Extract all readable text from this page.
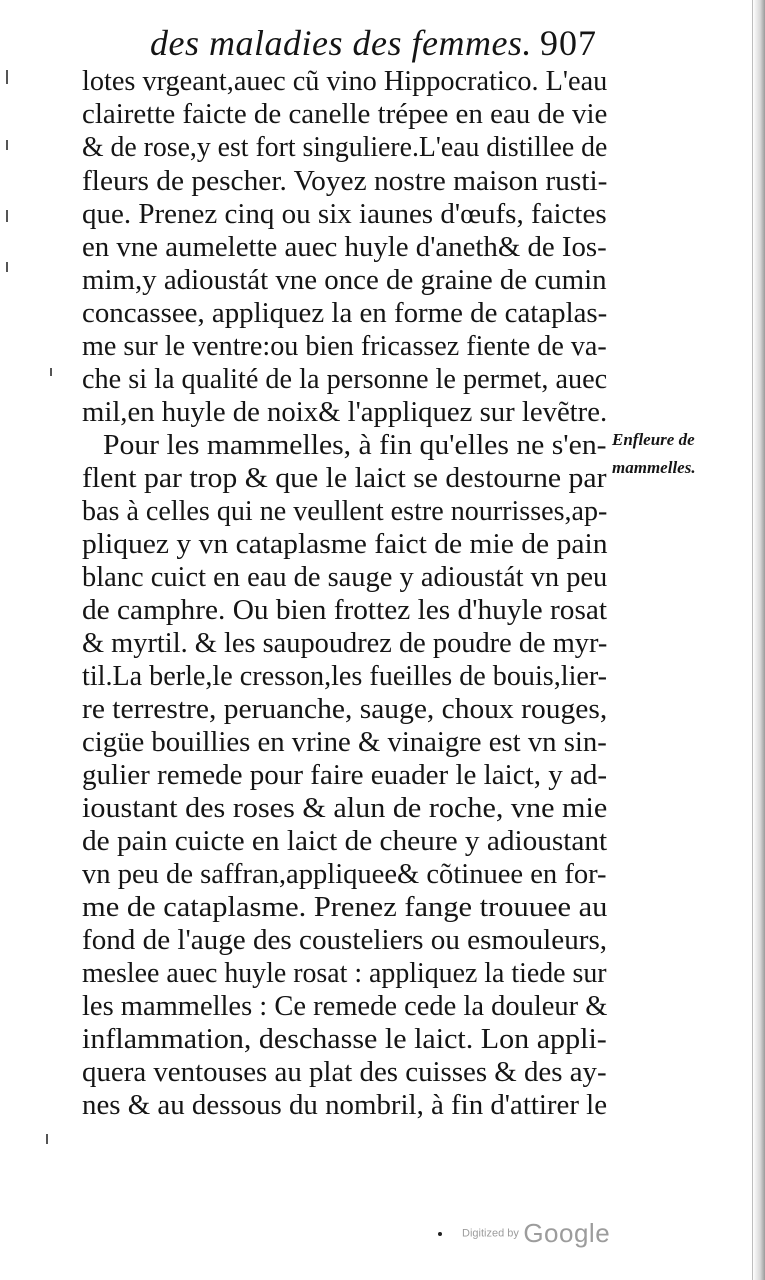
des maladies des femmes. 907
lotes vrgeant,auec cũ vino Hippocratico. L'eau
clairette faicte de canelle trépee en eau de vie
& de rose,y est fort singuliere.L'eau distillee de
fleurs de pescher. Voyez nostre maison rusti-
que. Prenez cinq ou six iaunes d'œufs, faictes
en vne aumelette auec huyle d'aneth& de Ios-
mim,y adioustát vne once de graine de cumin
concassee, appliquez la en forme de cataplas-
me sur le ventre:ou bien fricassez fiente de va-
che si la qualité de la personne le permet, auec
mil,en huyle de noix& l'appliquez sur levẽtre.
Pour les mammelles, à fin qu'elles ne s'en-
flent par trop & que le laict se destourne par
bas à celles qui ne veullent estre nourrisses,ap-
pliquez y vn cataplasme faict de mie de pain
blanc cuict en eau de sauge y adioustát vn peu
de camphre. Ou bien frottez les d'huyle rosat
& myrtil. & les saupoudrez de poudre de myr-
til.La berle,le cresson,les fueilles de bouis,lier-
re terrestre, peruanche, sauge, choux rouges,
cigüe bouillies en vrine & vinaigre est vn sin-
gulier remede pour faire euader le laict, y ad-
ioustant des roses & alun de roche, vne mie
de pain cuicte en laict de cheure y adioustant
vn peu de saffran,appliquee& cõtinuee en for-
me de cataplasme. Prenez fange trouuee au
fond de l'auge des cousteliers ou esmouleurs,
meslee auec huyle rosat : appliquez la tiede sur
les mammelles : Ce remede cede la douleur &
inflammation, deschasse le laict. Lon appli-
quera ventouses au plat des cuisses & des ay-
nes & au dessous du nombril, à fin d'attirer le
Enfleure de
mammelles.
Digitized by Google
